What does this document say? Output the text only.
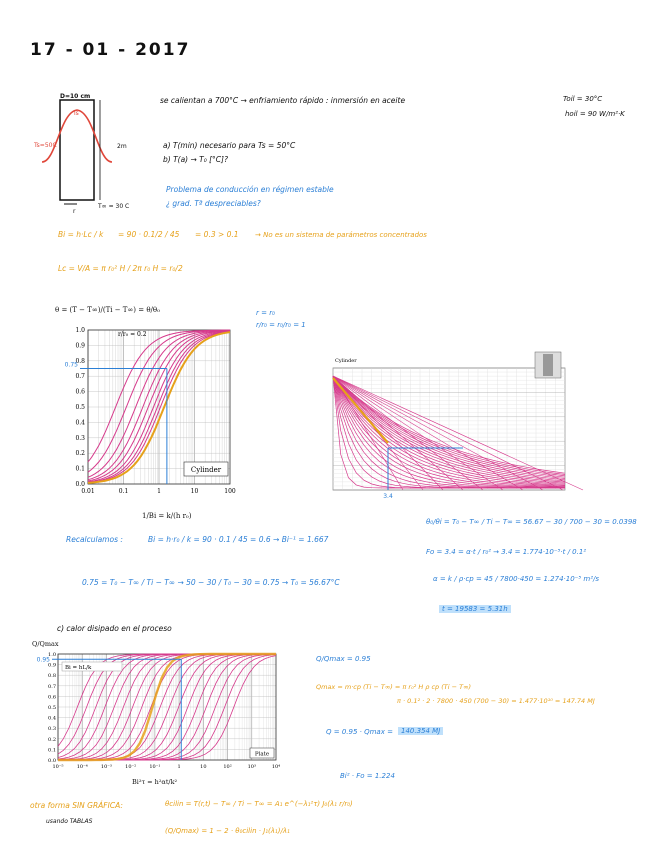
17 - 01 - 2017
D=10 cm
Ts
Ts=50C	2m
T∞ = 30 C
r
se calientan a 700°C → enfriamiento rápido : inmersión en aceite	Toil = 30°C
hoil = 90 W/m²·K
a) T(min) necesario para Ts = 50°C
b) T(a) → T₀ [°C]?
Problema de conducción en régimen estable
¿ grad. Tª despreciables?
Bi = h·Lc / k = 90 · 0.1/2 / 45 = 0.3 > 0.1 → No es un sistema de parámetros concentrados
Lc = V/A = π r₀² H / 2π r₀ H = r₀/2
θ = (T − T∞)/(Ti − T∞) = θ/θ₀	r = r₀
r/r₀ = r₀/r₀ = 1
0.0
0.1
0.2
0.3
0.4
0.5
0.6
0.7
0.8
0.9
1.0
0.01	0.1	1	10	100
0.75
r/r₀ = 0.2
Cylinder
1/Bi = k/(h r₀)
3.4
Cylinder
Recalculamos :	Bi = h·r₀ / k = 90 · 0.1 / 45 = 0.6 → Bi⁻¹ = 1.667
0.75 = T₀ − T∞ / Ti − T∞ → 50 − 30 / T₀ − 30 = 0.75 → T₀ = 56.67°C
θ₀/θi = T₀ − T∞ / Ti − T∞ = 56.67 − 30 / 700 − 30 = 0.0398
Fo = 3.4 = α·t / r₀² → 3.4 = 1.774·10⁻⁵·t / 0.1²
α = k / ρ·cp = 45 / 7800·450 = 1.274·10⁻⁵ m²/s
t = 19583 = 5.31h
c) calor disipado en el proceso
Q/Qmax = 0.95
Qmax = m·cp (Ti − T∞) = π r₀² H ρ cp (Ti − T∞)
π · 0.1² · 2 · 7800 · 450 (700 − 30) = 1.477·10¹⁰ = 147.74 MJ
Q = 0.95 · Qmax =	140.354 MJ
Bi² · Fo = 1.224
Q/Qmax
0.0
0.1
0.2
0.3
0.4
0.5
0.6
0.7
0.8
0.9
1.0
10⁻⁵	10⁻⁴	10⁻³	10⁻²	10⁻¹	1	10	10²	10³	10⁴
0.95
Bi = hL/k
Plate
Bi²τ = h²αt/k²
otra forma SIN GRÁFICA:
usando TABLAS
θcilin = T(r,t) − T∞ / Ti − T∞ = A₁ e^(−λ₁²τ) J₀(λ₁ r/r₀)
(Q/Qmax) = 1 − 2 · θ₀cilin · J₁(λ₁)/λ₁
